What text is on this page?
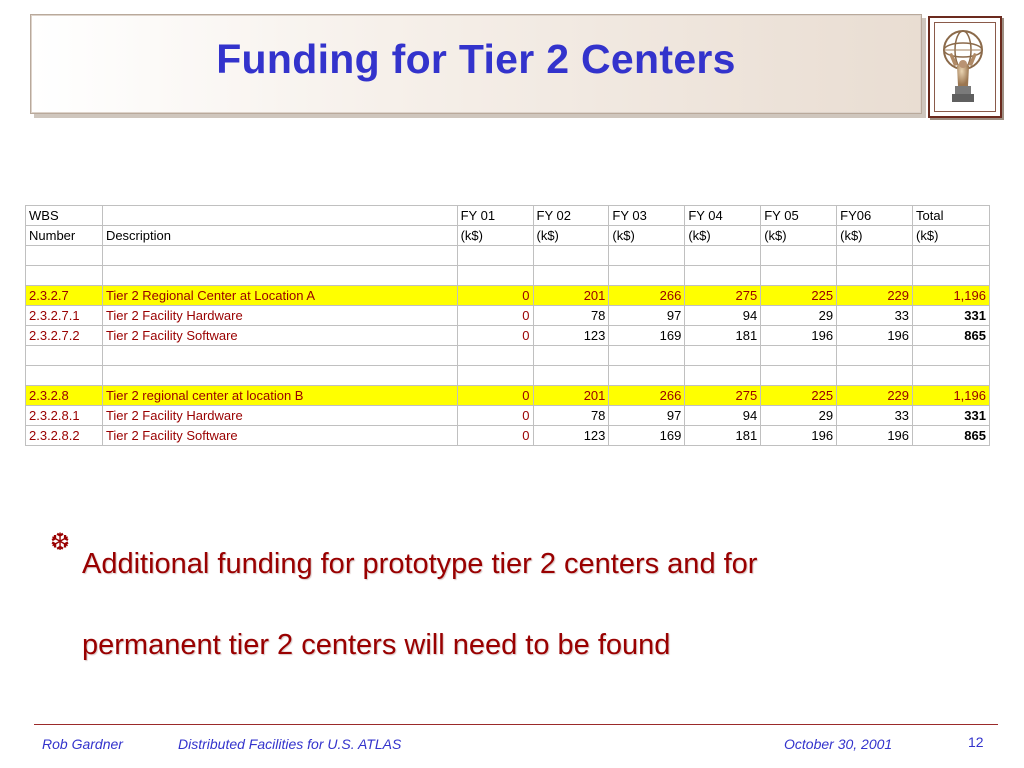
Funding for Tier 2 Centers
WBS		FY 01	FY 02	FY 03	FY 04	FY 05	FY06	Total
Number	Description	(k$)	(k$)	(k$)	(k$)	(k$)	(k$)	(k$)

2.3.2.7	Tier 2 Regional Center at Location A	0	201	266	275	225	229	1,196
2.3.2.7.1	Tier 2 Facility Hardware	0	78	97	94	29	33	331
2.3.2.7.2	Tier 2 Facility Software	0	123	169	181	196	196	865

2.3.2.8	Tier 2 regional center at location B	0	201	266	275	225	229	1,196
2.3.2.8.1	Tier 2 Facility Hardware	0	78	97	94	29	33	331
2.3.2.8.2	Tier 2 Facility Software	0	123	169	181	196	196	865
❆
Additional funding for prototype tier 2 centers and for
permanent tier 2 centers will need to be found
Rob Gardner	Distributed Facilities for U.S. ATLAS	October 30, 2001	12
